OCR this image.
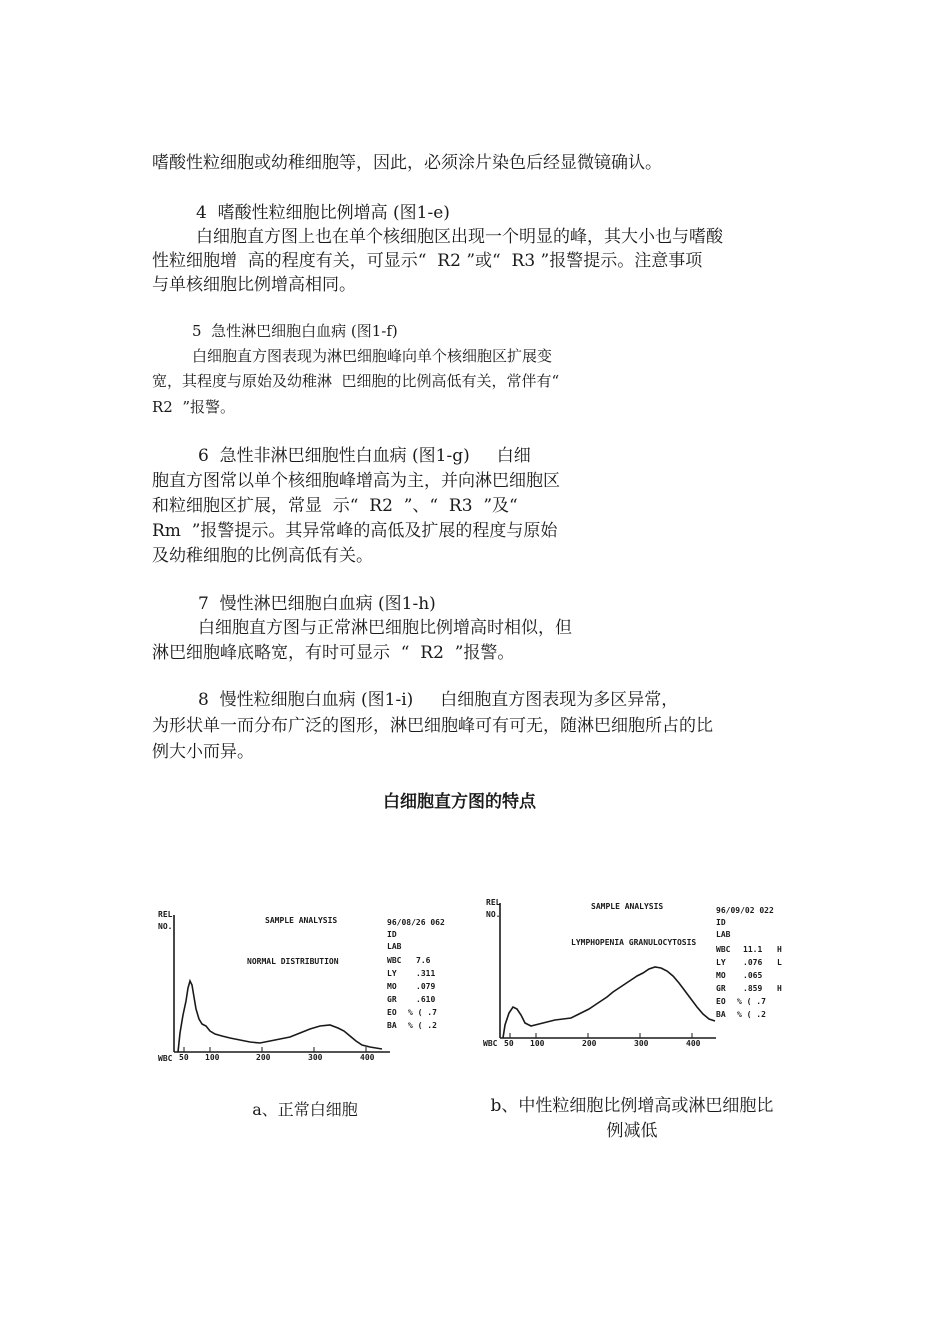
嗜酸性粒细胞或幼稚细胞等，因此，必须涂片染色后经显微镜确认。

4  嗜酸性粒细胞比例增高 (图1-e)

白细胞直方图上也在单个核细胞区出现一个明显的峰，其大小也与嗜酸

性粒细胞增  高的程度有关，可显示“  R2 ”或“  R3 ”报警提示。注意事项

与单核细胞比例增高相同。

5  急性淋巴细胞白血病 (图1-f)

白细胞直方图表现为淋巴细胞峰向单个核细胞区扩展变

宽，其程度与原始及幼稚淋  巴细胞的比例高低有关，常伴有“

R2  ”报警。

6  急性非淋巴细胞性白血病 (图1-g)     白细

胞直方图常以单个核细胞峰增高为主，并向淋巴细胞区

和粒细胞区扩展，常显  示“  R2  ”、“  R3  ”及“

Rm  ”报警提示。其异常峰的高低及扩展的程度与原始

及幼稚细胞的比例高低有关。

7  慢性淋巴细胞白血病 (图1-h)

白细胞直方图与正常淋巴细胞比例增高时相似，但

淋巴细胞峰底略宽，有时可显示  “  R2  ”报警。

8  慢性粒细胞白血病 (图1-i)     白细胞直方图表现为多区异常，

为形状单一而分布广泛的图形，淋巴细胞峰可有可无，随淋巴细胞所占的比

例大小而异。

白细胞直方图的特点

REL
NO.
SAMPLE ANALYSIS
NORMAL DISTRIBUTION
96/08/26 062
ID
LAB
WBC 7.6
LY .311
MO .079
GR .610
EO % ( .7
BA % ( .2
WBC 50 100	200	300	400
REL
NO.
SAMPLE ANALYSIS
LYMPHOPENIA GRANULOCYTOSIS
96/09/02 022
ID
LAB
WBC 11.1 H
LY .076 L
MO .065
GR .859 H
EO % ( .7
BA % ( .2
WBC 50 100	200	300	400
a、正常白细胞	b、中性粒细胞比例增高或淋巴细胞比
例减低
